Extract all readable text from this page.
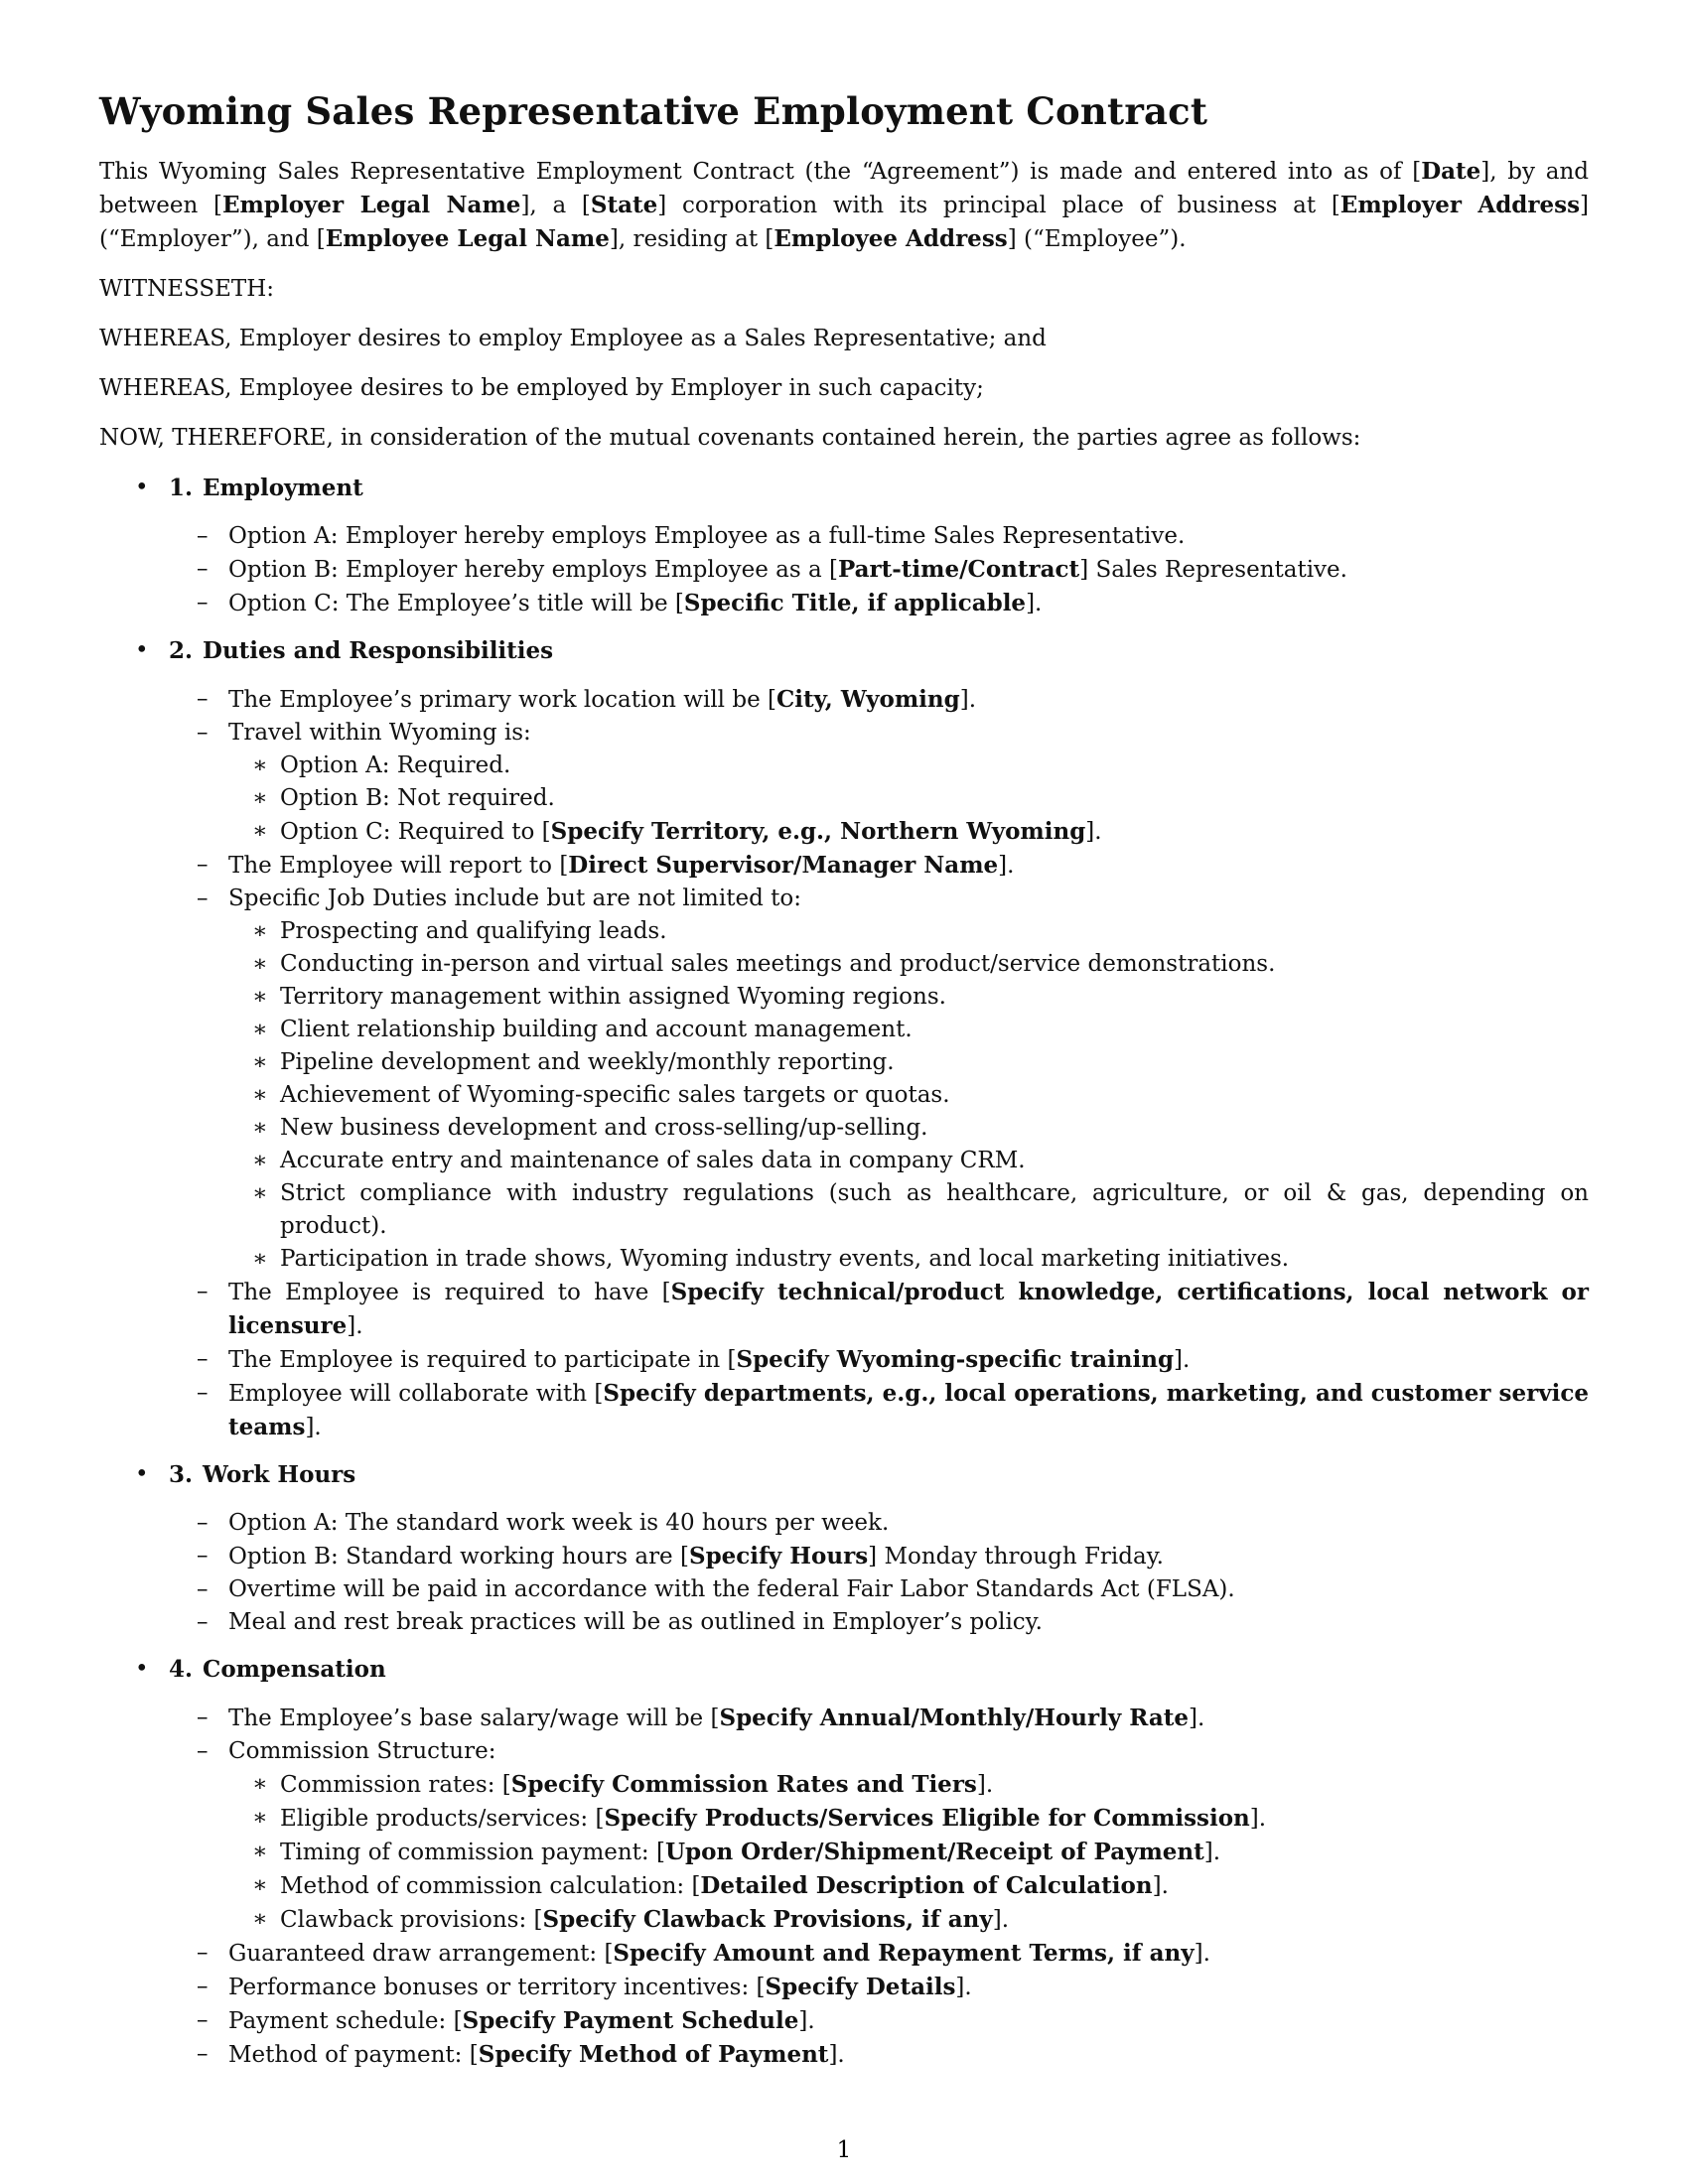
Wyoming Sales Representative Employment Contract

This Wyoming Sales Representative Employment Contract (the “Agreement”) is made and entered into as of [Date], by and between [Employer Legal Name], a [State] corporation with its principal place of business at [Employer Address] (“Employer”), and [Employee Legal Name], residing at [Employee Address] (“Employee”).

WITNESSETH:

WHEREAS, Employer desires to employ Employee as a Sales Representative; and

WHEREAS, Employee desires to be employed by Employer in such capacity;

NOW, THEREFORE, in consideration of the mutual covenants contained herein, the parties agree as follows:

• 1. Employment
– Option A: Employer hereby employs Employee as a full-time Sales Representative.
– Option B: Employer hereby employs Employee as a [Part-time/Contract] Sales Representative.
– Option C: The Employee’s title will be [Specific Title, if applicable].
• 2. Duties and Responsibilities
– The Employee’s primary work location will be [City, Wyoming].
– Travel within Wyoming is:
∗ Option A: Required.
∗ Option B: Not required.
∗ Option C: Required to [Specify Territory, e.g., Northern Wyoming].
– The Employee will report to [Direct Supervisor/Manager Name].
– Specific Job Duties include but are not limited to:
∗ Prospecting and qualifying leads.
∗ Conducting in-person and virtual sales meetings and product/service demonstrations.
∗ Territory management within assigned Wyoming regions.
∗ Client relationship building and account management.
∗ Pipeline development and weekly/monthly reporting.
∗ Achievement of Wyoming-specific sales targets or quotas.
∗ New business development and cross-selling/up-selling.
∗ Accurate entry and maintenance of sales data in company CRM.
∗ Strict compliance with industry regulations (such as healthcare, agriculture, or oil & gas, depending on product).
∗ Participation in trade shows, Wyoming industry events, and local marketing initiatives.
– The Employee is required to have [Specify technical/product knowledge, certifications, local network or licensure].
– The Employee is required to participate in [Specify Wyoming-specific training].
– Employee will collaborate with [Specify departments, e.g., local operations, marketing, and customer service teams].
• 3. Work Hours
– Option A: The standard work week is 40 hours per week.
– Option B: Standard working hours are [Specify Hours] Monday through Friday.
– Overtime will be paid in accordance with the federal Fair Labor Standards Act (FLSA).
– Meal and rest break practices will be as outlined in Employer’s policy.
• 4. Compensation
– The Employee’s base salary/wage will be [Specify Annual/Monthly/Hourly Rate].
– Commission Structure:
∗ Commission rates: [Specify Commission Rates and Tiers].
∗ Eligible products/services: [Specify Products/Services Eligible for Commission].
∗ Timing of commission payment: [Upon Order/Shipment/Receipt of Payment].
∗ Method of commission calculation: [Detailed Description of Calculation].
∗ Clawback provisions: [Specify Clawback Provisions, if any].
– Guaranteed draw arrangement: [Specify Amount and Repayment Terms, if any].
– Performance bonuses or territory incentives: [Specify Details].
– Payment schedule: [Specify Payment Schedule].
– Method of payment: [Specify Method of Payment].
1
